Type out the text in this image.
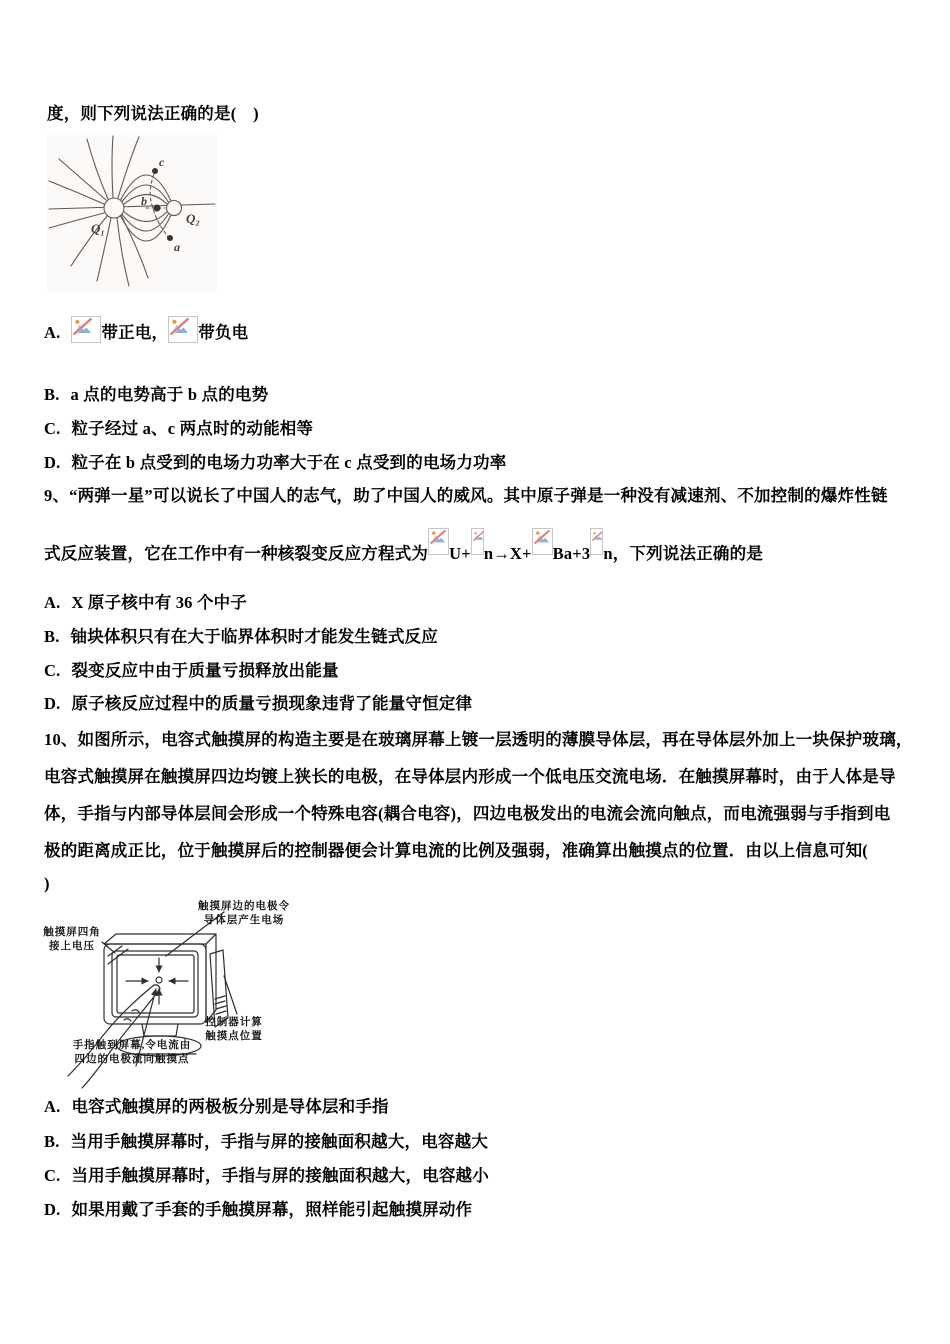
度，则下列说法正确的是(　)
c
b
a
Q₁
Q₂
A. 带正电， 带负电
B. a 点的电势高于 b 点的电势
C. 粒子经过 a、c 两点时的动能相等
D. 粒子在 b 点受到的电场力功率大于在 c 点受到的电场力功率
9、“两弹一星”可以说长了中国人的志气，助了中国人的威风。其中原子弹是一种没有减速剂、不加控制的爆炸性链
式反应装置，它在工作中有一种核裂变反应方程式为 U+ n→X+ Ba+3 n，下列说法正确的是
A. X 原子核中有 36 个中子
B. 铀块体积只有在大于临界体积时才能发生链式反应
C. 裂变反应中由于质量亏损释放出能量
D. 原子核反应过程中的质量亏损现象违背了能量守恒定律
10、如图所示，电容式触摸屏的构造主要是在玻璃屏幕上镀一层透明的薄膜导体层，再在导体层外加上一块保护玻璃，
电容式触摸屏在触摸屏四边均镀上狭长的电极，在导体层内形成一个低电压交流电场．在触摸屏幕时，由于人体是导
体，手指与内部导体层间会形成一个特殊电容(耦合电容)，四边电极发出的电流会流向触点，而电流强弱与手指到电
极的距离成正比，位于触摸屏后的控制器便会计算电流的比例及强弱，准确算出触摸点的位置．由以上信息可知(
)
触摸屏边的电极令
导体层产生电场
触摸屏四角
接上电压
控制器计算
触摸点位置
手指触到屏幕,令电流由
四边的电极流向触摸点
A. 电容式触摸屏的两极板分别是导体层和手指
B. 当用手触摸屏幕时，手指与屏的接触面积越大，电容越大
C. 当用手触摸屏幕时，手指与屏的接触面积越大，电容越小
D. 如果用戴了手套的手触摸屏幕，照样能引起触摸屏动作
